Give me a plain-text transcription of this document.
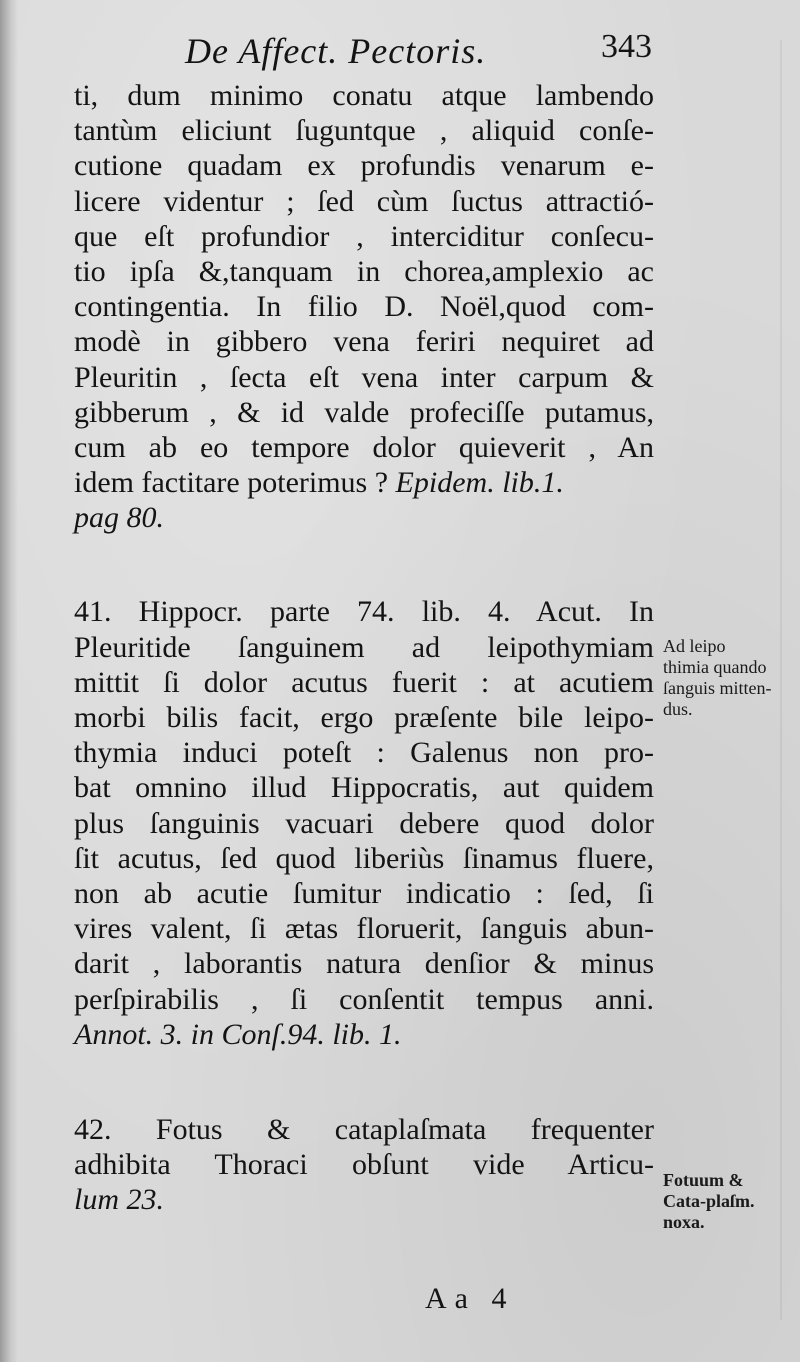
De Affect. Pectoris.	343
ti, dum minimo conatu atque lambendo
tantùm eliciunt ſuguntque , aliquid conſe-
cutione quadam ex profundis venarum e-
licere videntur ; ſed cùm ſuctus attractió-
que eſt profundior , interciditur conſecu-
tio ipſa &,tanquam in chorea,amplexio ac
contingentia. In filio D. Noël,quod com-
modè in gibbero vena feriri nequiret ad
Pleuritin , ſecta eſt vena inter carpum &
gibberum , & id valde profeciſſe putamus,
cum ab eo tempore dolor quieverit , An
idem factitare poterimus ? Epidem. lib.1.
pag 80.
41. Hippocr. parte 74. lib. 4. Acut. In
Pleuritide ſanguinem ad leipothymiam
mittit ſi dolor acutus fuerit : at acutiem
morbi bilis facit, ergo præſente bile leipo-
thymia induci poteſt : Galenus non pro-
bat omnino illud Hippocratis, aut quidem
plus ſanguinis vacuari debere quod dolor
ſit acutus, ſed quod liberiùs ſinamus fluere,
non ab acutie ſumitur indicatio : ſed, ſi
vires valent, ſi ætas floruerit, ſanguis abun-
darit , laborantis natura denſior & minus
perſpirabilis , ſi conſentit tempus anni.
Annot. 3. in Conſ.94. lib. 1.
42. Fotus & cataplaſmata frequenter
adhibita Thoraci obſunt vide Articu-
lum 23.
Ad leipo thimia quando ſanguis mitten-dus.
Fotuum & Cata-plaſm. noxa.
Aa 4
